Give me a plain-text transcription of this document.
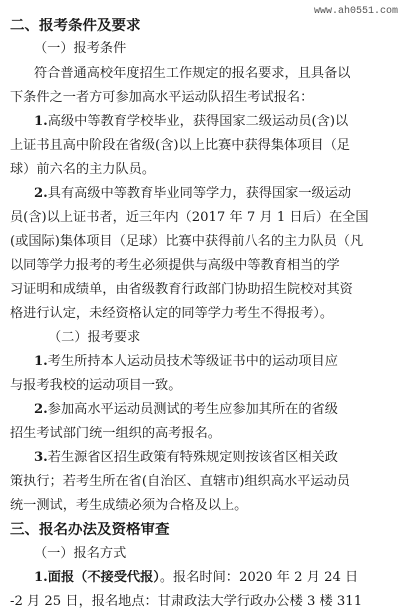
www.ah0551.com
二、报考条件及要求
（一）报考条件
符合普通高校年度招生工作规定的报名要求，且具备以
下条件之一者方可参加高水平运动队招生考试报名：
1.高级中等教育学校毕业，获得国家二级运动员(含)以
上证书且高中阶段在省级(含)以上比赛中获得集体项目（足
球）前六名的主力队员。
2.具有高级中等教育毕业同等学力，获得国家一级运动
员(含)以上证书者，近三年内（2017 年 7 月 1 日后）在全国
(或国际)集体项目（足球）比赛中获得前八名的主力队员（凡
以同等学力报考的考生必须提供与高级中等教育相当的学
习证明和成绩单，由省级教育行政部门协助招生院校对其资
格进行认定，未经资格认定的同等学力考生不得报考）。
（二）报考要求
1.考生所持本人运动员技术等级证书中的运动项目应
与报考我校的运动项目一致。
2.参加高水平运动员测试的考生应参加其所在的省级
招生考试部门统一组织的高考报名。
3.若生源省区招生政策有特殊规定则按该省区相关政
策执行；若考生所在省(自治区、直辖市)组织高水平运动员
统一测试，考生成绩必须为合格及以上。
三、报名办法及资格审查
（一）报名方式
1.面报（不接受代报）。报名时间：2020 年 2 月 24 日
-2 月 25 日，报名地点：甘肃政法大学行政办公楼 3 楼 311
